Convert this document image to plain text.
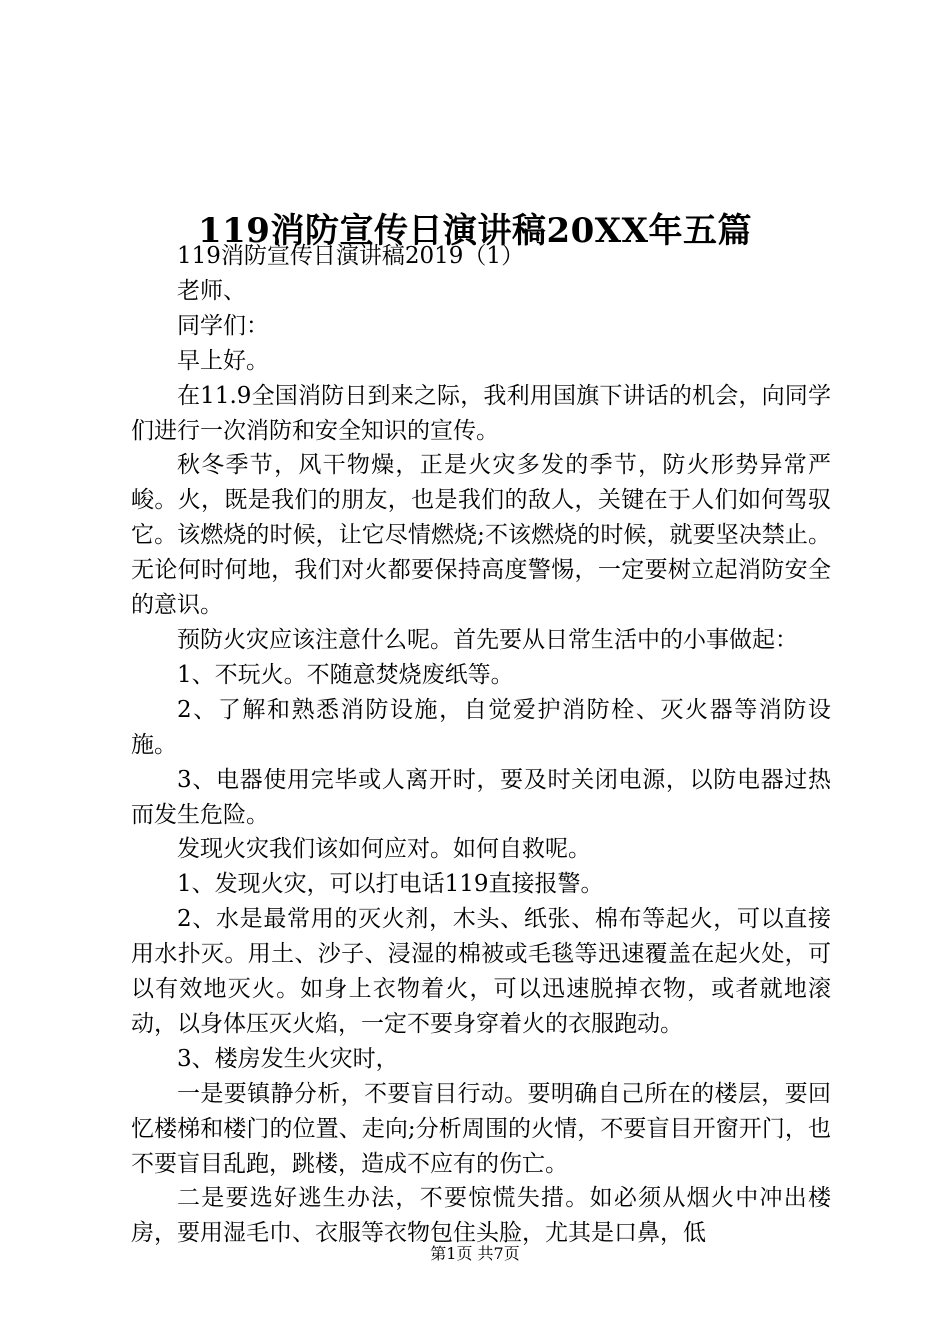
119消防宣传日演讲稿20XX年五篇

119消防宣传日演讲稿2019（1）

老师、

同学们：

早上好。

在11.9全国消防日到来之际，我利用国旗下讲话的机会，向同学们进行一次消防和安全知识的宣传。

秋冬季节，风干物燥，正是火灾多发的季节，防火形势异常严峻。火，既是我们的朋友，也是我们的敌人，关键在于人们如何驾驭它。该燃烧的时候，让它尽情燃烧;不该燃烧的时候，就要坚决禁止。无论何时何地，我们对火都要保持高度警惕，一定要树立起消防安全的意识。

预防火灾应该注意什么呢。首先要从日常生活中的小事做起：

1、不玩火。不随意焚烧废纸等。

2、了解和熟悉消防设施，自觉爱护消防栓、灭火器等消防设施。

3、电器使用完毕或人离开时，要及时关闭电源，以防电器过热而发生危险。

发现火灾我们该如何应对。如何自救呢。

1、发现火灾，可以打电话119直接报警。

2、水是最常用的灭火剂，木头、纸张、棉布等起火，可以直接用水扑灭。用土、沙子、浸湿的棉被或毛毯等迅速覆盖在起火处，可以有效地灭火。如身上衣物着火，可以迅速脱掉衣物，或者就地滚动，以身体压灭火焰，一定不要身穿着火的衣服跑动。

3、楼房发生火灾时，

一是要镇静分析，不要盲目行动。要明确自己所在的楼层，要回忆楼梯和楼门的位置、走向;分析周围的火情，不要盲目开窗开门，也不要盲目乱跑，跳楼，造成不应有的伤亡。

二是要选好逃生办法，不要惊慌失措。如必须从烟火中冲出楼房，要用湿毛巾、衣服等衣物包住头脸，尤其是口鼻，低

第1页 共7页
